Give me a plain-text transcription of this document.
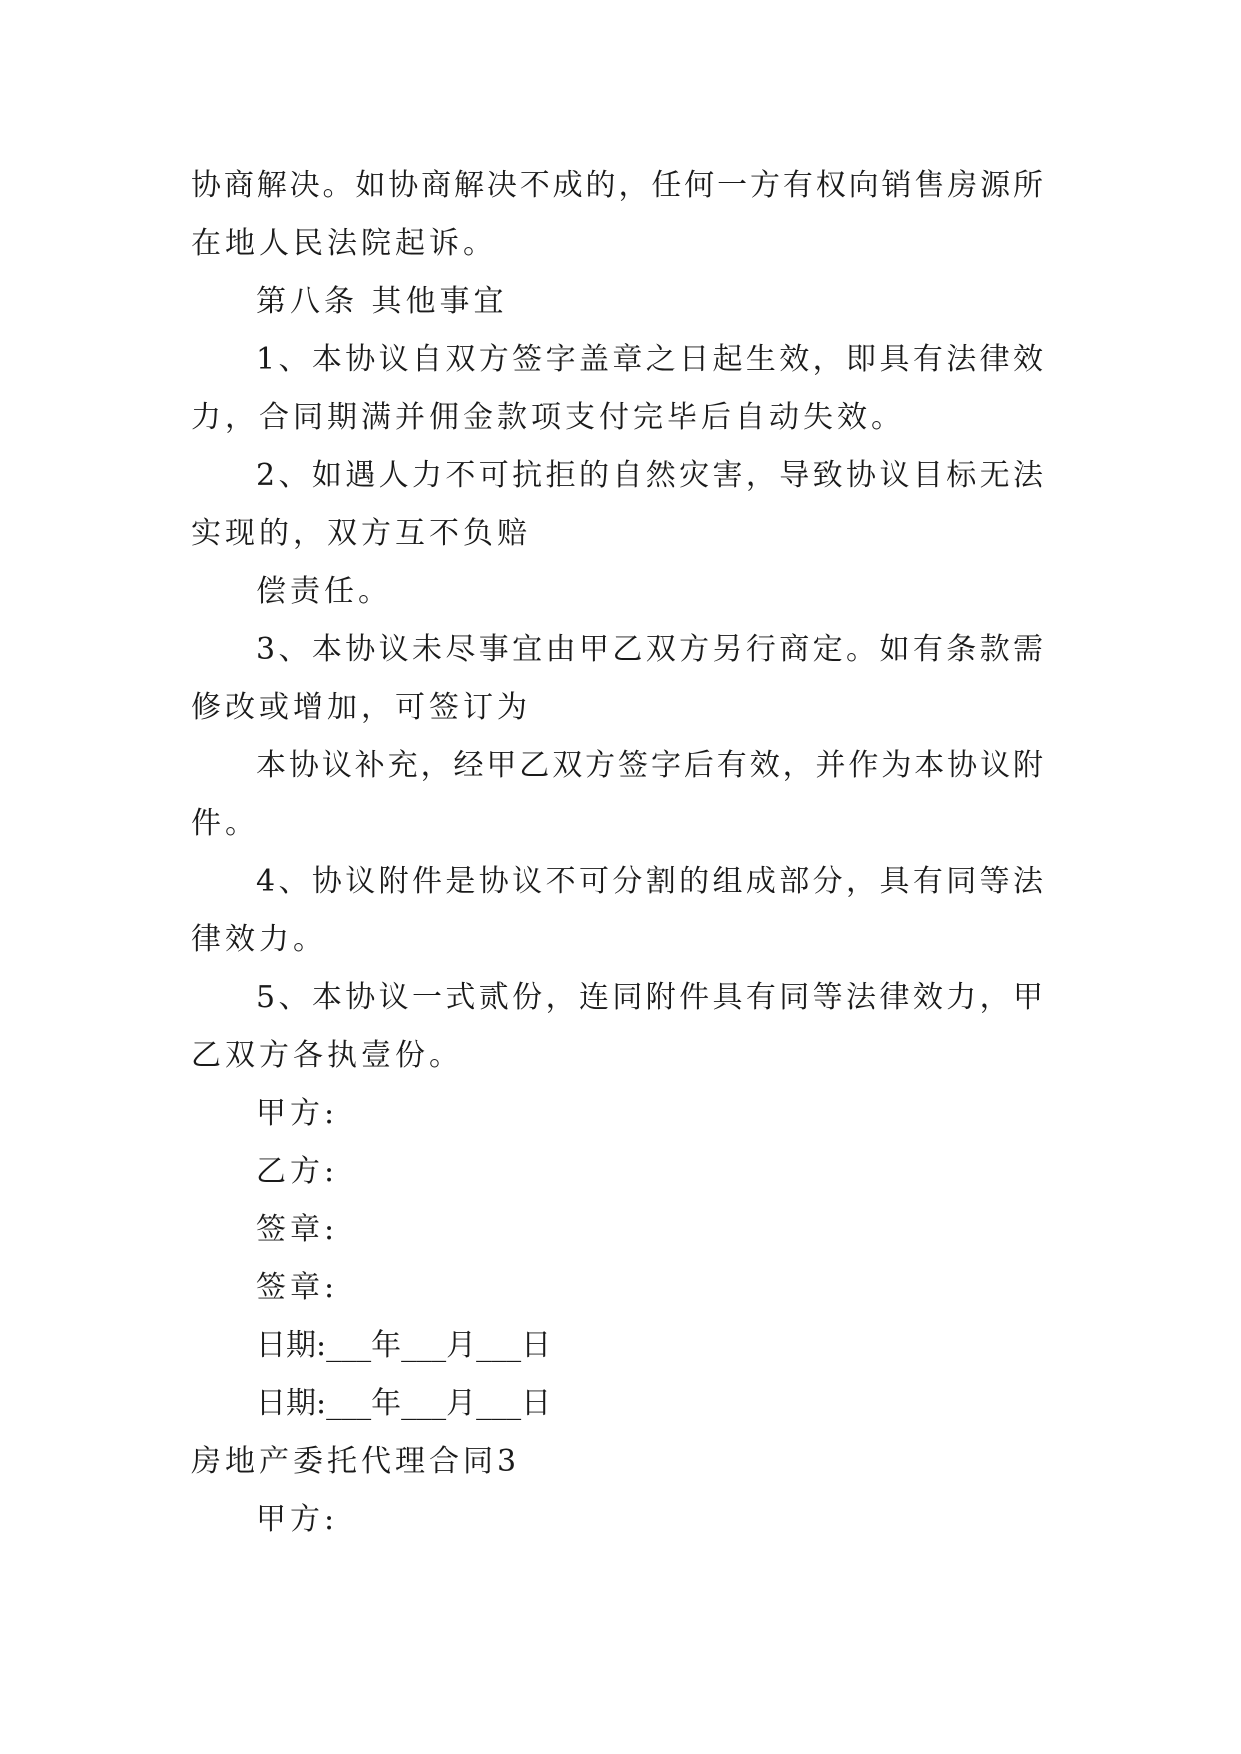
协商解决。如协商解决不成的，任何一方有权向销售房源所

在地人民法院起诉。

第八条 其他事宜

1、本协议自双方签字盖章之日起生效，即具有法律效

力，合同期满并佣金款项支付完毕后自动失效。

2、如遇人力不可抗拒的自然灾害，导致协议目标无法

实现的，双方互不负赔

偿责任。

3、本协议未尽事宜由甲乙双方另行商定。如有条款需

修改或增加，可签订为

本协议补充，经甲乙双方签字后有效，并作为本协议附

件。

4、协议附件是协议不可分割的组成部分，具有同等法

律效力。

5、本协议一式贰份，连同附件具有同等法律效力，甲

乙双方各执壹份。

甲方:

乙方:

签章:

签章:

日期:___年___月___日

日期:___年___月___日

房地产委托代理合同3

甲方:
